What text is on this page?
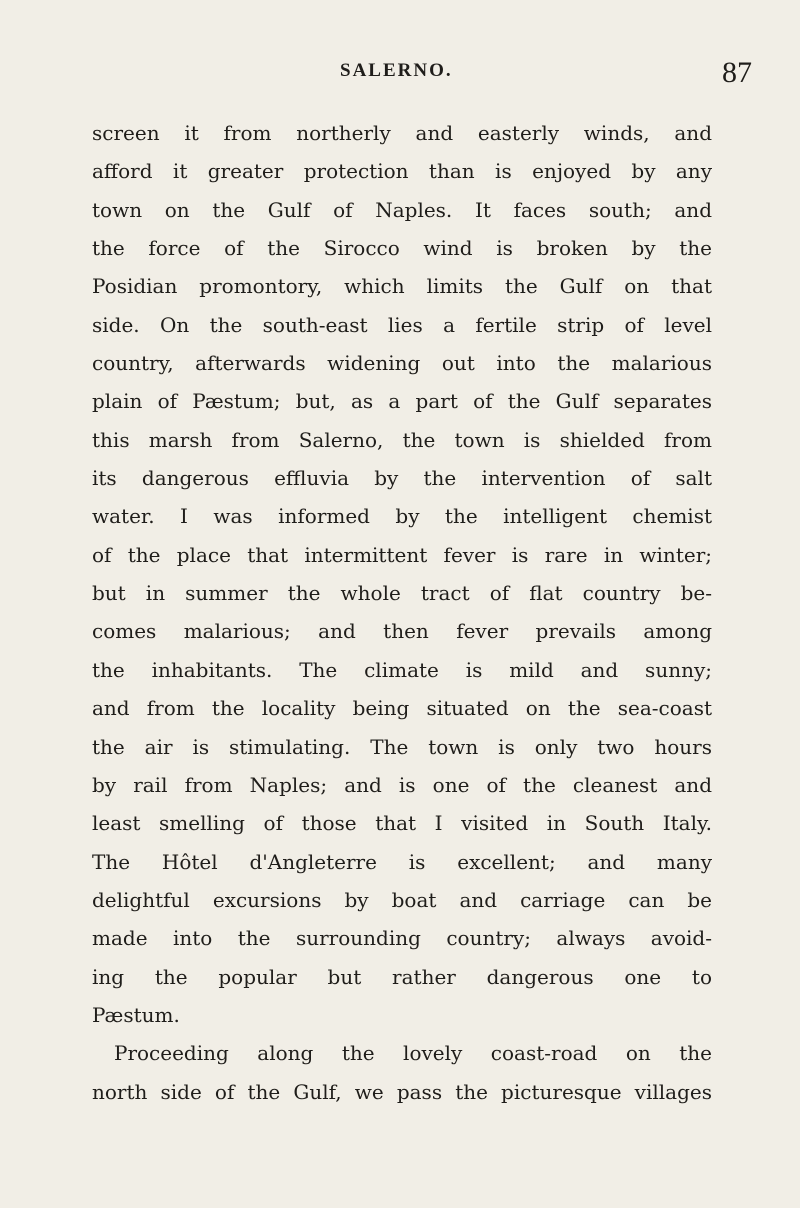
SALERNO.	87
screen it from northerly and easterly winds, and
afford it greater protection than is enjoyed by any
town on the Gulf of Naples. It faces south; and
the force of the Sirocco wind is broken by the
Posidian promontory, which limits the Gulf on that
side. On the south-east lies a fertile strip of level
country, afterwards widening out into the malarious
plain of Pæstum; but, as a part of the Gulf separates
this marsh from Salerno, the town is shielded from
its dangerous effluvia by the intervention of salt
water. I was informed by the intelligent chemist
of the place that intermittent fever is rare in winter;
but in summer the whole tract of flat country be-
comes malarious; and then fever prevails among
the inhabitants. The climate is mild and sunny;
and from the locality being situated on the sea-coast
the air is stimulating. The town is only two hours
by rail from Naples; and is one of the cleanest and
least smelling of those that I visited in South Italy.
The Hôtel d'Angleterre is excellent; and many
delightful excursions by boat and carriage can be
made into the surrounding country; always avoid-
ing the popular but rather dangerous one to
Pæstum.
Proceeding along the lovely coast-road on the
north side of the Gulf, we pass the picturesque villages
